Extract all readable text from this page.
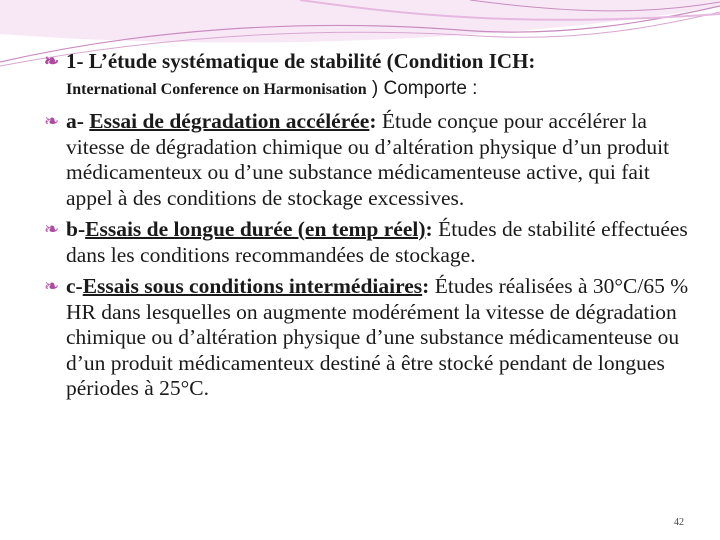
❧ 1- L’étude systématique de stabilité (Condition ICH:
International Conference on Harmonisation ) Comporte :

❧ a- Essai de dégradation accélérée: Étude conçue pour accélérer la vitesse de dégradation chimique ou d’altération physique d’un produit médicamenteux ou d’une substance médicamenteuse active, qui fait appel à des conditions de stockage excessives.

❧ b-Essais de longue durée (en temp réel): Études de stabilité effectuées dans les conditions recommandées de stockage.

❧ c-Essais sous conditions intermédiaires: Études réalisées à 30°C/65 % HR dans lesquelles on augmente modérément la vitesse de dégradation chimique ou d’altération physique d’une substance médicamenteuse ou d’un produit médicamenteux destiné à être stocké pendant de longues périodes à 25°C.

42
